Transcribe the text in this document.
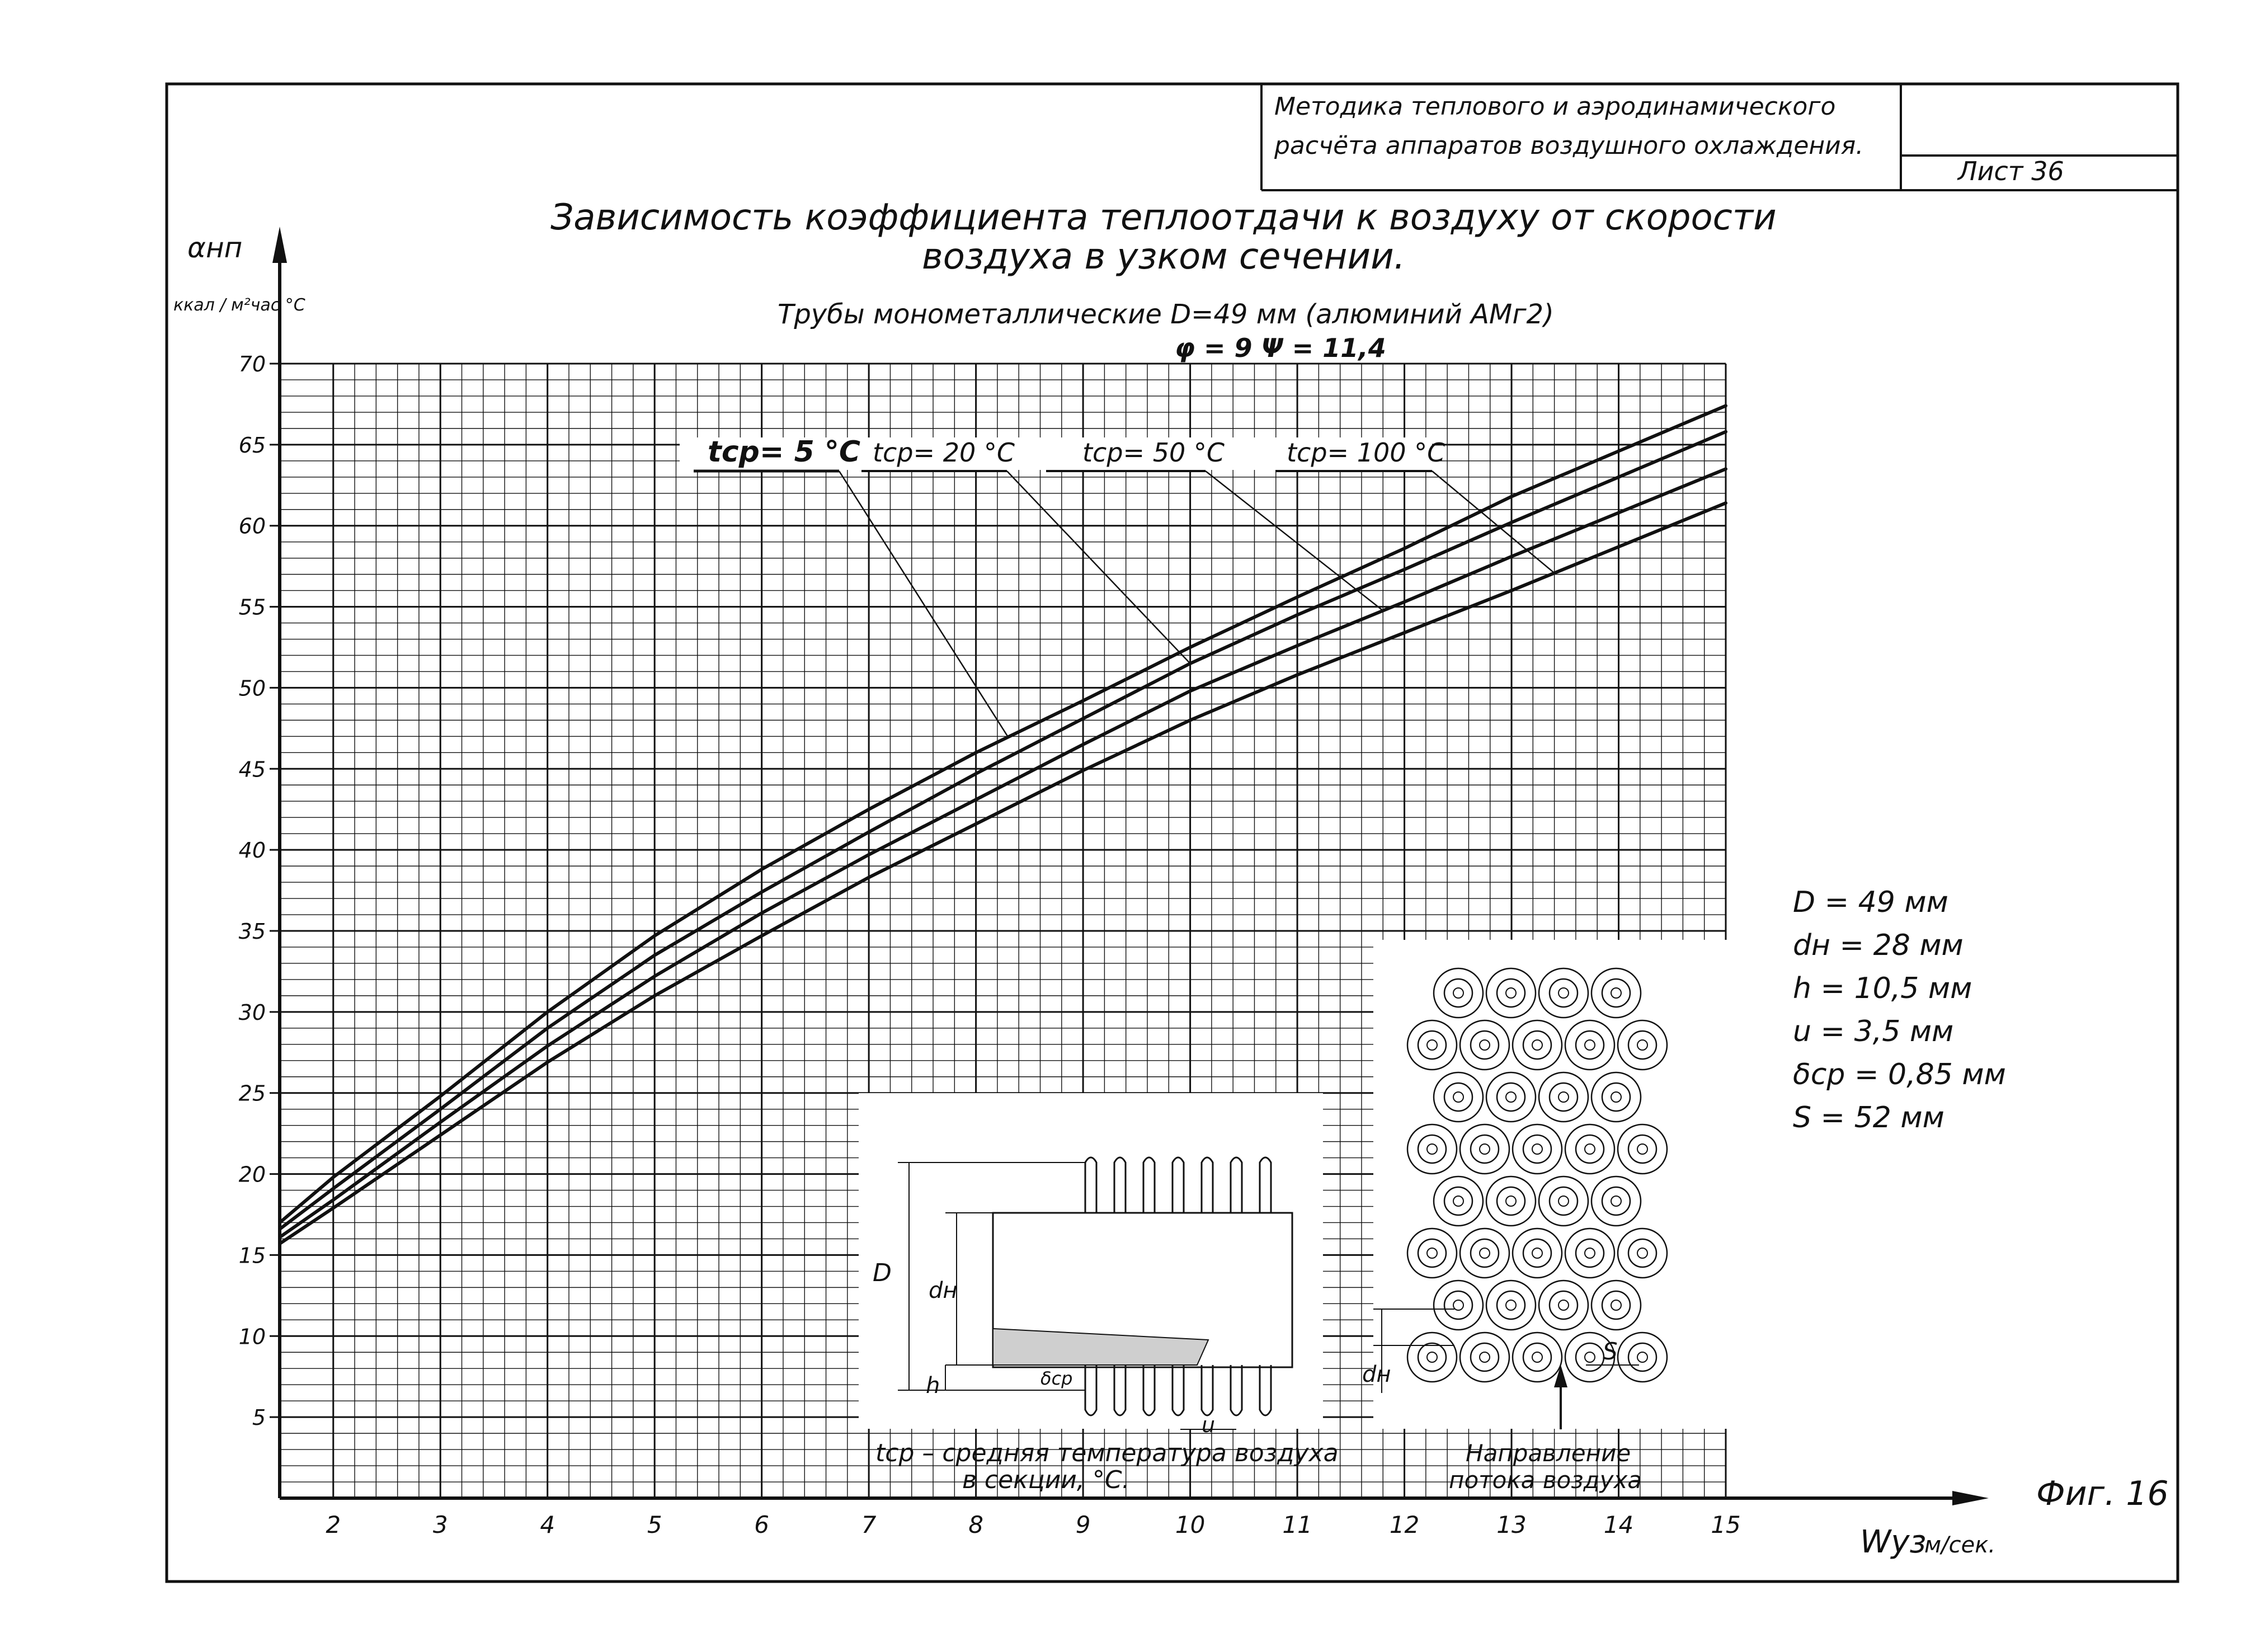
Методика теплового и аэродинамического
расчёта аппаратов воздушного охлаждения.
Лист 36
Зависимость коэффициента теплоотдачи к воздуху от скорости
воздуха в узком сечении.
Трубы монометаллические D=49 мм (алюминий АМг2)
φ = 9 Ψ = 11,4
2	3	4	5	6	7	8	9	10	11	12	13	14	15
5
10
15
20
25
30
35
40
45
50
55
60
65
70
αнп
ккал / м²час °С
Wуз
м/сек.
tср= 5 °С tср= 20 °С	tср= 50 °С tср= 100 °С
D
dн
h	δср
u
tср – средняя температура воздуха
в секции, °С.
dн
S
Направление
потока воздуха	Фиг. 16
D = 49 мм
dн = 28 мм
h = 10,5 мм
u = 3,5 мм
δср = 0,85 мм
S = 52 мм
